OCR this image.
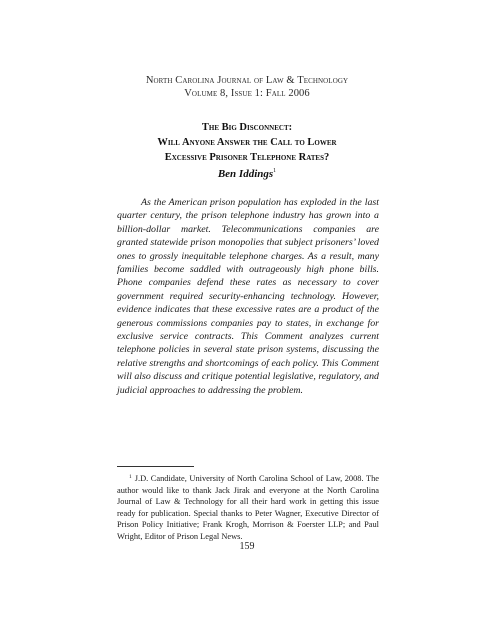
North Carolina Journal of Law & Technology
Volume 8, Issue 1: Fall 2006
The Big Disconnect:
Will Anyone Answer the Call to Lower
Excessive Prisoner Telephone Rates?
Ben Iddings$^1$

As the American prison population has exploded in the last quarter century, the prison telephone industry has grown into a billion-dollar market. Telecommunications companies are granted statewide prison monopolies that subject prisoners’ loved ones to grossly inequitable telephone charges. As a result, many families become saddled with outrageously high phone bills. Phone companies defend these rates as necessary to cover government required security-enhancing technology. However, evidence indicates that these excessive rates are a product of the generous commissions companies pay to states, in exchange for exclusive service contracts. This Comment analyzes current telephone policies in several state prison systems, discussing the relative strengths and shortcomings of each policy. This Comment will also discuss and critique potential legislative, regulatory, and judicial approaches to addressing the problem.

$^1$ J.D. Candidate, University of North Carolina School of Law, 2008. The author would like to thank Jack Jirak and everyone at the North Carolina Journal of Law & Technology for all their hard work in getting this issue ready for publication. Special thanks to Peter Wagner, Executive Director of Prison Policy Initiative; Frank Krogh, Morrison & Foerster LLP; and Paul Wright, Editor of Prison Legal News.

159
